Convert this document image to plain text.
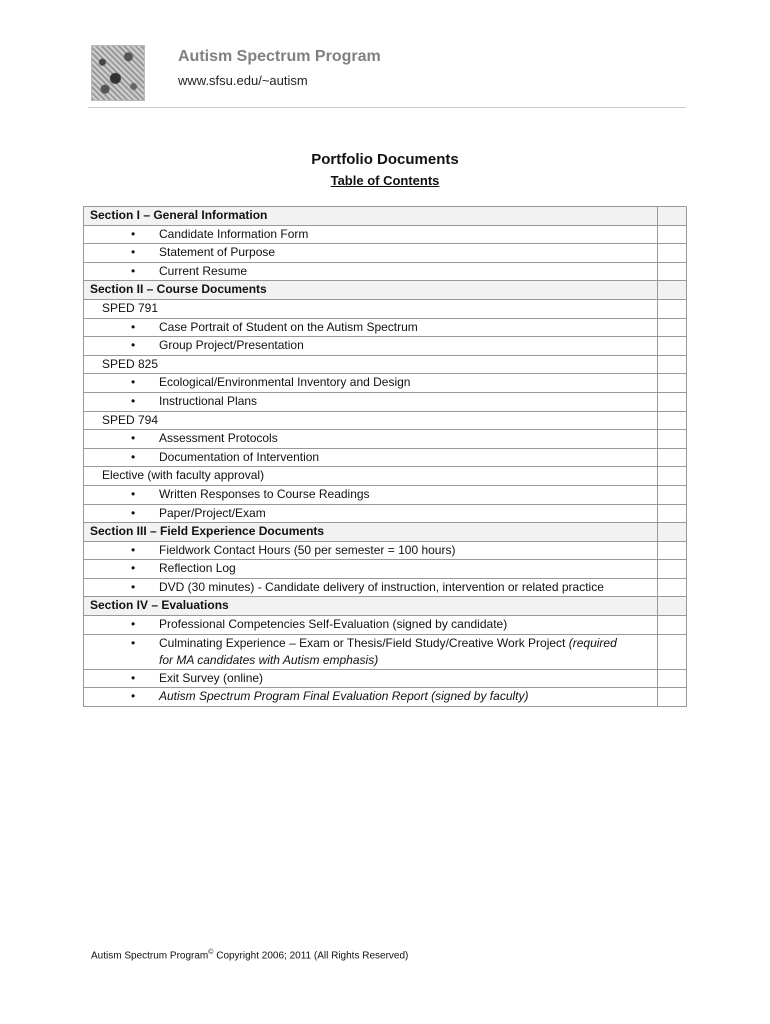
Autism Spectrum Program
www.sfsu.edu/~autism
Portfolio Documents
Table of Contents
Section I – General Information	
• Candidate Information Form	
• Statement of Purpose	
• Current Resume	
Section II – Course Documents	
SPED 791	
• Case Portrait of Student on the Autism Spectrum	
• Group Project/Presentation	
SPED 825	
• Ecological/Environmental Inventory and Design	
• Instructional Plans	
SPED 794	
• Assessment Protocols	
• Documentation of Intervention	
Elective (with faculty approval)	
• Written Responses to Course Readings	
• Paper/Project/Exam	
Section III – Field Experience Documents	
• Fieldwork Contact Hours (50 per semester = 100 hours)	
• Reflection Log	
• DVD (30 minutes) - Candidate delivery of instruction, intervention or related practice	
Section IV – Evaluations	
• Professional Competencies Self-Evaluation (signed by candidate)	
• Culminating Experience – Exam or Thesis/Field Study/Creative Work Project (required
for MA candidates with Autism emphasis)	

• Exit Survey (online)	
• Autism Spectrum Program Final Evaluation Report (signed by faculty)	
Autism Spectrum Program© Copyright 2006; 2011 (All Rights Reserved)
